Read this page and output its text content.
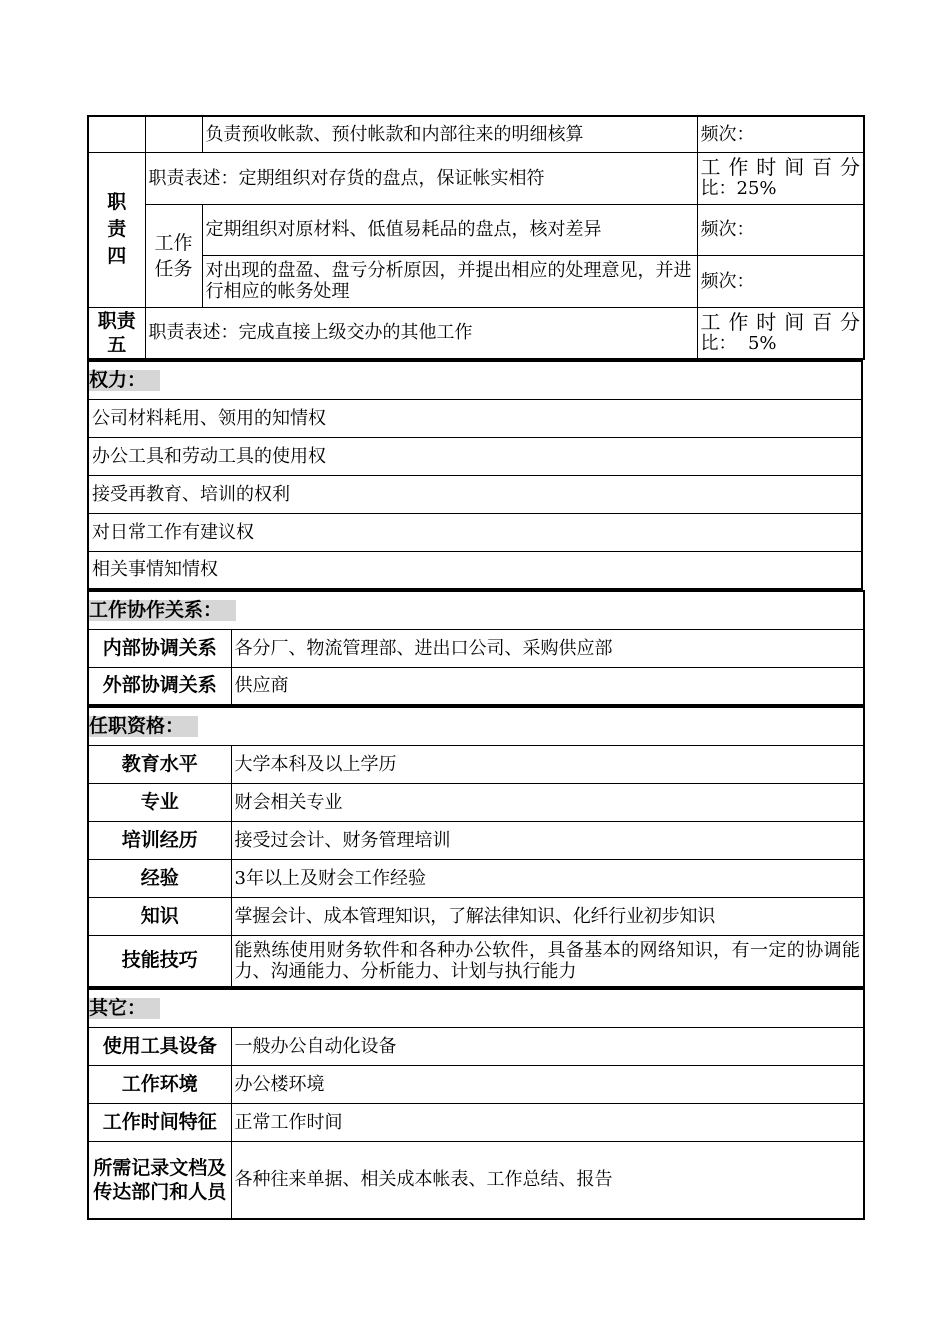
		负责预收帐款、预付帐款和内部往来的明细核算	频次：
职责四	职责表述：定期组织对存货的盘点，保证帐实相符		工作时间百分
比：25%

	工作任务	定期组织对原材料、低值易耗品的盘点，核对差异	频次：
		对出现的盘盈、盘亏分析原因，并提出相应的处理意见，并进行相应的帐务处理	频次：
职责五	职责表述：完成直接上级交办的其他工作		工作时间百分
比：  5%
权力：
公司材料耗用、领用的知情权
办公工具和劳动工具的使用权
接受再教育、培训的权利
对日常工作有建议权
相关事情知情权
工作协作关系：	
内部协调关系	各分厂、物流管理部、进出口公司、采购供应部
外部协调关系	供应商
任职资格：	
教育水平	大学本科及以上学历
专业	财会相关专业
培训经历	接受过会计、财务管理培训
经验	3年以上及财会工作经验
知识	掌握会计、成本管理知识，了解法律知识、化纤行业初步知识
技能技巧	能熟练使用财务软件和各种办公软件，具备基本的网络知识，有一定的协调能力、沟通能力、分析能力、计划与执行能力
其它：	
使用工具设备	一般办公自动化设备
工作环境	办公楼环境
工作时间特征	正常工作时间
所需记录文档及传达部门和人员	各种往来单据、相关成本帐表、工作总结、报告
